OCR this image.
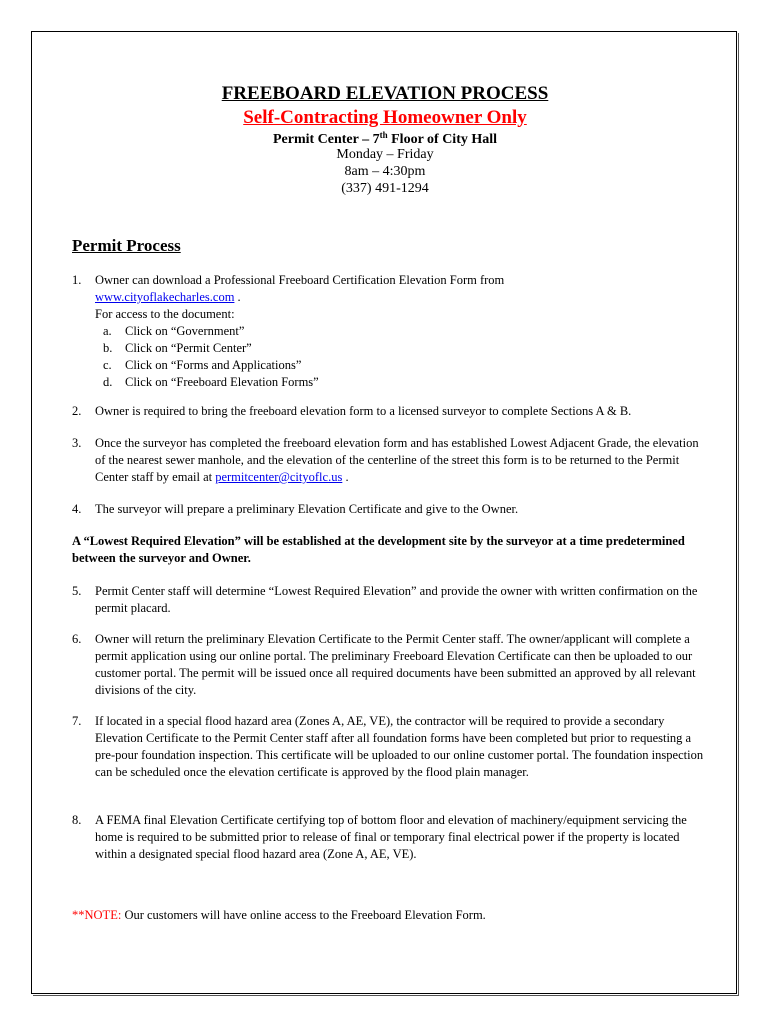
FREEBOARD ELEVATION PROCESS
Self-Contracting Homeowner Only
Permit Center – 7th Floor of City Hall
Monday – Friday
8am – 4:30pm
(337) 491-1294
Permit Process
1. Owner can download a Professional Freeboard Certification Elevation Form from
www.cityoflakecharles.com .
For access to the document:
a. Click on “Government”
b. Click on “Permit Center”
c. Click on “Forms and Applications”
d. Click on “Freeboard Elevation Forms”
2. Owner is required to bring the freeboard elevation form to a licensed surveyor to complete Sections A & B.
3. Once the surveyor has completed the freeboard elevation form and has established Lowest Adjacent Grade, the elevation of the nearest sewer manhole, and the elevation of the centerline of the street this form is to be returned to the Permit Center staff by email at permitcenter@cityoflc.us .
4. The surveyor will prepare a preliminary Elevation Certificate and give to the Owner.
A “Lowest Required Elevation” will be established at the development site by the surveyor at a time predetermined between the surveyor and Owner.
5. Permit Center staff will determine “Lowest Required Elevation” and provide the owner with written confirmation on the permit placard.
6. Owner will return the preliminary Elevation Certificate to the Permit Center staff. The owner/applicant will complete a permit application using our online portal. The preliminary Freeboard Elevation Certificate can then be uploaded to our customer portal. The permit will be issued once all required documents have been submitted an approved by all relevant divisions of the city.
7. If located in a special flood hazard area (Zones A, AE, VE), the contractor will be required to provide a secondary Elevation Certificate to the Permit Center staff after all foundation forms have been completed but prior to requesting a pre-pour foundation inspection. This certificate will be uploaded to our online customer portal. The foundation inspection can be scheduled once the elevation certificate is approved by the flood plain manager.
8. A FEMA final Elevation Certificate certifying top of bottom floor and elevation of machinery/equipment servicing the home is required to be submitted prior to release of final or temporary final electrical power if the property is located within a designated special flood hazard area (Zone A, AE, VE).
**NOTE: Our customers will have online access to the Freeboard Elevation Form.
